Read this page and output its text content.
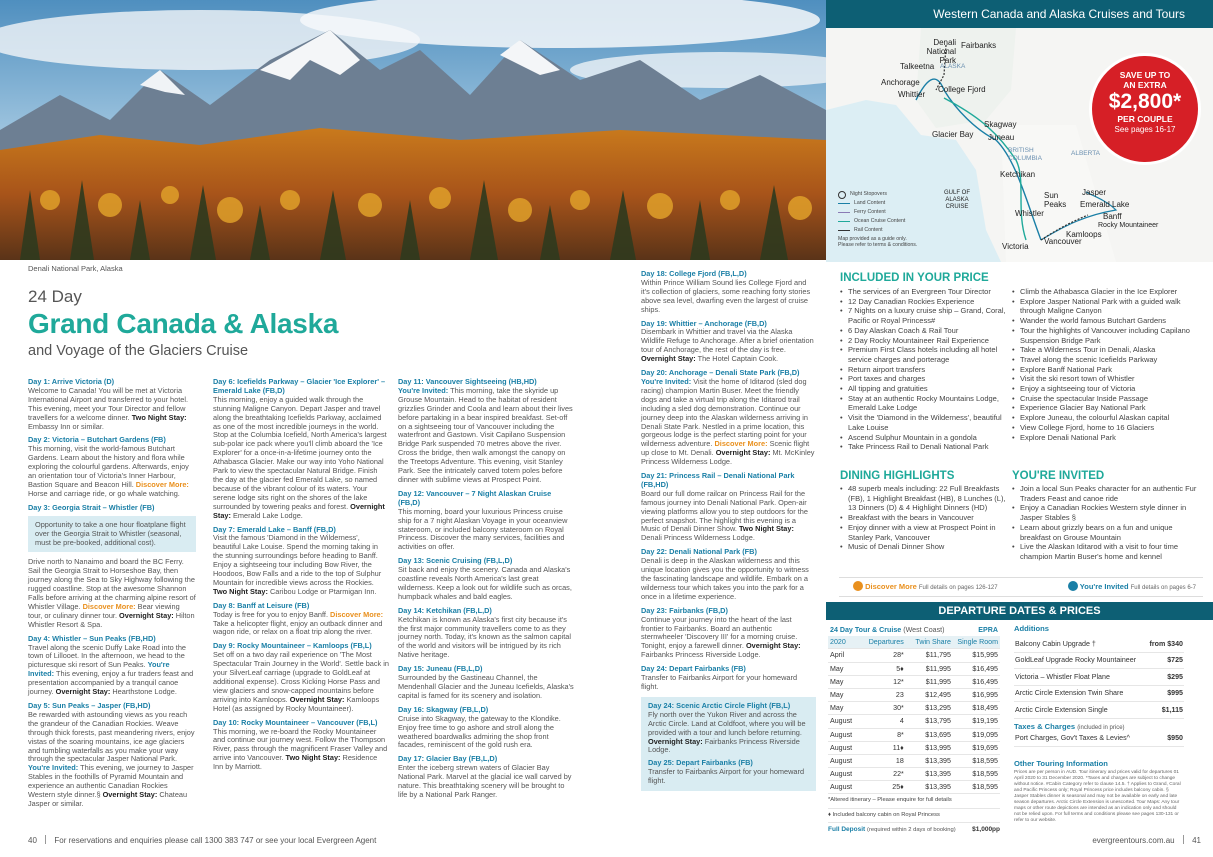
Denali National Park, Alaska
Western Canada and Alaska Cruises and Tours
Denali National Park
Fairbanks
Talkeetna ALASKA
Anchorage
Whittier
College Fjord
Skagway
Glacier Bay Juneau
BRITISH COLUMBIA
ALBERTA
Ketchikan
GULF OF ALASKA CRUISE
Jasper
Sun Peaks Emerald Lake
Banff
Whistler
Rocky Mountaineer
Kamloops
Victoria
Vancouver
SAVE UP TO
AN EXTRA
$2,800*
PER COUPLE
See pages 16-17
Night Stopovers
Land Content
Ferry Content
Ocean Cruise Content
Rail Content
Map provided as a guide only.
Please refer to terms & conditions.
24 Day
Grand Canada & Alaska
and Voyage of the Glaciers Cruise

Day 1: Arrive Victoria (D)
Welcome to Canada! You will be met at Victoria International Airport and transferred to your hotel. This evening, meet your Tour Director and fellow travellers for a welcome dinner. Two Night Stay: Embassy Inn or similar.

Day 2: Victoria – Butchart Gardens (FB)
This morning, visit the world-famous Butchart Gardens. Learn about the history and flora while exploring the colourful gardens. Afterwards, enjoy an orientation tour of Victoria's Inner Harbour, Bastion Square and Beacon Hill. Discover More: Horse and carriage ride, or go whale watching.

Day 3: Georgia Strait – Whistler (FB)

Opportunity to take a one hour floatplane flight over the Georgia Strait to Whistler (seasonal, must be pre-booked, additional cost).

Drive north to Nanaimo and board the BC Ferry. Sail the Georgia Strait to Horseshoe Bay, then journey along the Sea to Sky Highway following the rugged coastline. Stop at the awesome Shannon Falls before arriving at the charming alpine resort of Whistler Village. Discover More: Bear viewing tour, or culinary dinner tour. Overnight Stay: Hilton Whistler Resort & Spa.

Day 4: Whistler – Sun Peaks (FB,HD)
Travel along the scenic Duffy Lake Road into the town of Lillooet. In the afternoon, we head to the picturesque ski resort of Sun Peaks. You're Invited: This evening, enjoy a fur traders feast and presentation accompanied by a tranquil canoe journey. Overnight Stay: Hearthstone Lodge.

Day 5: Sun Peaks – Jasper (FB,HD)
Be rewarded with astounding views as you reach the grandeur of the Canadian Rockies. Weave through thick forests, past meandering rivers, enjoy vistas of the soaring mountains, ice age glaciers and tumbling waterfalls as you make your way through the spectacular Jasper National Park. You're Invited: This evening, we journey to Jasper Stables in the foothills of Pyramid Mountain and experience an authentic Canadian Rockies Western style dinner.§ Overnight Stay: Chateau Jasper or similar.

Day 6: Icefields Parkway – Glacier 'Ice Explorer' – Emerald Lake (FB,D)
This morning, enjoy a guided walk through the stunning Maligne Canyon. Depart Jasper and travel along the breathtaking Icefields Parkway, acclaimed as one of the most incredible journeys in the world. Stop at the Columbia Icefield, North America's largest sub-polar ice pack where you'll climb aboard the 'Ice Explorer' for a once-in-a-lifetime journey onto the Athabasca Glacier. Make our way into Yoho National Park to view the spectacular Natural Bridge. Finish the day at the glacier fed Emerald Lake, so named because of the vibrant colour of its waters. Your serene lodge sits right on the shores of the lake surrounded by towering peaks and forest. Overnight Stay: Emerald Lake Lodge.

Day 7: Emerald Lake – Banff (FB,D)
Visit the famous 'Diamond in the Wilderness', beautiful Lake Louise. Spend the morning taking in the stunning surroundings before heading to Banff. Enjoy a sightseeing tour including Bow River, the Hoodoos, Bow Falls and a ride to the top of Sulphur Mountain for incredible views across the Rockies. Two Night Stay: Caribou Lodge or Ptarmigan Inn.

Day 8: Banff at Leisure (FB)
Today is free for you to enjoy Banff. Discover More: Take a helicopter flight, enjoy an outback dinner and wagon ride, or relax on a float trip along the river.

Day 9: Rocky Mountaineer – Kamloops (FB,L)
Set off on a two day rail experience on 'The Most Spectacular Train Journey in the World'. Settle back in your SilverLeaf carriage (upgrade to GoldLeaf at additional expense). Cross Kicking Horse Pass and view glaciers and snow-capped mountains before arriving into Kamloops. Overnight Stay: Kamloops Hotel (as assigned by Rocky Mountaineer).

Day 10: Rocky Mountaineer – Vancouver (FB,L)
This morning, we re-board the Rocky Mountaineer and continue our journey west. Follow the Thompson River, pass through the magnificent Fraser Valley and arrive into Vancouver. Two Night Stay: Residence Inn by Marriott.

Day 11: Vancouver Sightseeing (HB,HD)
You're Invited: This morning, take the skyride up Grouse Mountain. Head to the habitat of resident grizzlies Grinder and Coola and learn about their lives before partaking in a bear inspired breakfast. Set-off on a sightseeing tour of Vancouver including the waterfront and Gastown. Visit Capilano Suspension Bridge Park suspended 70 metres above the river. Cross the bridge, then walk amongst the canopy on the Treetops Adventure. This evening, visit Stanley Park. See the intricately carved totem poles before dinner with sublime views at Prospect Point.

Day 12: Vancouver – 7 Night Alaskan Cruise (FB,D)
This morning, board your luxurious Princess cruise ship for a 7 night Alaskan Voyage in your oceanview stateroom, or included balcony stateroom on Royal Princess. Discover the many services, facilities and activities on offer.

Day 13: Scenic Cruising (FB,L,D)
Sit back and enjoy the scenery. Canada and Alaska's coastline reveals North America's last great wilderness. Keep a look out for wildlife such as orcas, humpback whales and bald eagles.

Day 14: Ketchikan (FB,L,D)
Ketchikan is known as Alaska's first city because it's the first major community travellers come to as they journey north. Today, it's known as the salmon capital of the world and visitors will be intrigued by its rich Native heritage.

Day 15: Juneau (FB,L,D)
Surrounded by the Gastineau Channel, the Mendenhall Glacier and the Juneau Icefields, Alaska's capital is famed for its scenery and isolation.

Day 16: Skagway (FB,L,D)
Cruise into Skagway, the gateway to the Klondike. Enjoy free time to go ashore and stroll along the weathered boardwalks admiring the shop front facades, reminiscent of the gold rush era.

Day 17: Glacier Bay (FB,L,D)
Enter the iceberg strewn waters of Glacier Bay National Park. Marvel at the glacial ice wall carved by nature. This breathtaking scenery will be brought to life by a National Park Ranger.

Day 18: College Fjord (FB,L,D)
Within Prince William Sound lies College Fjord and it's collection of glaciers, some reaching forty stories above sea level, dwarfing even the largest of cruise ships.

Day 19: Whittier – Anchorage (FB,D)
Disembark in Whittier and travel via the Alaska Wildlife Refuge to Anchorage. After a brief orientation tour of Anchorage, the rest of the day is free. Overnight Stay: The Hotel Captain Cook.

Day 20: Anchorage – Denali State Park (FB,D)
You're Invited: Visit the home of Iditarod (sled dog racing) champion Martin Buser. Meet the friendly dogs and take a virtual trip along the Iditarod trail including a sled dog demonstration. Continue our journey deep into the Alaskan wilderness arriving in Denali State Park. Nestled in a prime location, this gorgeous lodge is the perfect starting point for your wilderness adventure. Discover More: Scenic flight up close to Mt. Denali. Overnight Stay: Mt. McKinley Princess Wilderness Lodge.

Day 21: Princess Rail – Denali National Park (FB,HD)
Board our full dome railcar on Princess Rail for the famous journey into Denali National Park. Open-air viewing platforms allow you to step outdoors for the perfect snapshot. The highlight this evening is a Music of Denali Dinner Show. Two Night Stay: Denali Princess Wilderness Lodge.

Day 22: Denali National Park (FB)
Denali is deep in the Alaskan wilderness and this unique location gives you the opportunity to witness the fascinating landscape and wildlife. Embark on a wilderness tour which takes you into the park for a once in a lifetime experience.

Day 23: Fairbanks (FB,D)
Continue your journey into the heart of the last frontier to Fairbanks. Board an authentic sternwheeler 'Discovery III' for a morning cruise. Tonight, enjoy a farewell dinner. Overnight Stay: Fairbanks Princess Riverside Lodge.

Day 24: Depart Fairbanks (FB)
Transfer to Fairbanks Airport for your homeward flight.

Day 24: Scenic Arctic Circle Flight (FB,L)
Fly north over the Yukon River and across the Arctic Circle. Land at Coldfoot, where you will be provided with a tour and lunch before returning. Overnight Stay: Fairbanks Princess Riverside Lodge.

Day 25: Depart Fairbanks (FB)
Transfer to Fairbanks Airport for your homeward flight.

INCLUDED IN YOUR PRICE
• The services of an Evergreen Tour Director
• 12 Day Canadian Rockies Experience
• 7 Nights on a luxury cruise ship – Grand, Coral, Pacific or Royal Princess#
• 6 Day Alaskan Coach & Rail Tour
• 2 Day Rocky Mountaineer Rail Experience
• Premium First Class hotels including all hotel service charges and porterage
• Return airport transfers
• Port taxes and charges
• All tipping and gratuities
• Stay at an authentic Rocky Mountains Lodge, Emerald Lake Lodge
• Visit the 'Diamond in the Wilderness', beautiful Lake Louise
• Ascend Sulphur Mountain in a gondola
• Take Princess Rail to Denali National Park
• Climb the Athabasca Glacier in the Ice Explorer
• Explore Jasper National Park with a guided walk through Maligne Canyon
• Wander the world famous Butchart Gardens
• Tour the highlights of Vancouver including Capilano Suspension Bridge Park
• Take a Wilderness Tour in Denali, Alaska
• Travel along the scenic Icefields Parkway
• Explore Banff National Park
• Visit the ski resort town of Whistler
• Enjoy a sightseeing tour of Victoria
• Cruise the spectacular Inside Passage
• Experience Glacier Bay National Park
• Explore Juneau, the colourful Alaskan capital
• View College Fjord, home to 16 Glaciers
• Explore Denali National Park
DINING HIGHLIGHTS
• 48 superb meals including: 22 Full Breakfasts (FB), 1 Highlight Breakfast (HB), 8 Lunches (L), 13 Dinners (D) & 4 Highlight Dinners (HD)
• Breakfast with the bears in Vancouver
• Enjoy dinner with a view at Prospect Point in Stanley Park, Vancouver
• Music of Denali Dinner Show
YOU'RE INVITED
• Join a local Sun Peaks character for an authentic Fur Traders Feast and canoe ride
• Enjoy a Canadian Rockies Western style dinner in Jasper Stables §
• Learn about grizzly bears on a fun and unique breakfast on Grouse Mountain
• Live the Alaskan Iditarod with a visit to four time champion Martin Buser's home and kennel
Discover More Full details on pages 126-127	You're Invited Full details on pages 6-7
DEPARTURE DATES & PRICES
24 Day Tour & Cruise (West Coast)			EPRA
2020	Departures	Twin Share	Single Room
April	28*	$11,795	$15,995
May	5♦	$11,995	$16,495
May	12*	$11,995	$16,495
May	23	$12,495	$16,995
May	30*	$13,295	$18,495
August	4	$13,795	$19,195
August	8*	$13,695	$19,095
August	11♦	$13,995	$19,695
August	18	$13,395	$18,595
August	22*	$13,395	$18,595
August	25♦	$13,395	$18,595
*Altered itinerary – Please enquire for full details
♦ Included balcony cabin on Royal Princess
Full Deposit (required within 2 days of booking)	$1,000pp
Additions
Balcony Cabin Upgrade †	from $340
GoldLeaf Upgrade Rocky Mountaineer	$725
Victoria – Whistler Float Plane	$295
Arctic Circle Extension Twin Share	$995
Arctic Circle Extension Single	$1,115
Taxes & Charges (included in price)
Port Charges, Gov't Taxes & Levies^	$950
Other Touring Information
Prices are per person in AUD. Tour itinerary and prices valid for departures 01 April 2020 to 31 December 2020. *Taxes and charges are subject to change without notice. #Cabin Category refer to clause 14.5. † Applies to Grand, Coral and Pacific Princess only; Royal Princess price includes balcony cabin. § Jasper Stables dinner is seasonal and may not be available on early and late season departures. Arctic Circle Extension is unescorted. Tour Maps: Any tour maps or other route depictions are intended as an indication only and should not be relied upon. For full terms and conditions please see pages 130-131 or refer to our website.
40 For reservations and enquiries please call 1300 383 747 or see your local Evergreen Agent	evergreentours.com.au 41
